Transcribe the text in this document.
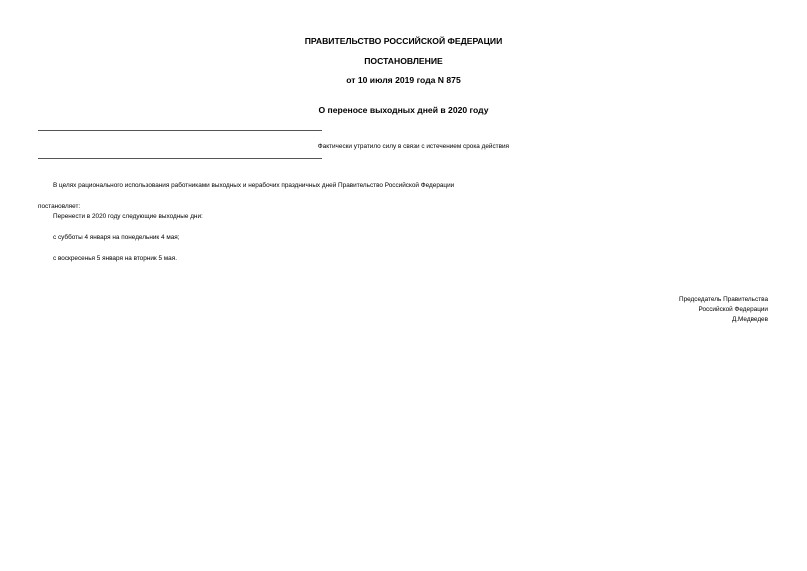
ПРАВИТЕЛЬСТВО РОССИЙСКОЙ ФЕДЕРАЦИИ
ПОСТАНОВЛЕНИЕ
от 10 июля 2019 года N 875
О переносе выходных дней в 2020 году
Фактически утратило силу в связи с истечением срока действия
В целях рационального использования работниками выходных и нерабочих праздничных дней Правительство Российской Федерации
постановляет:
Перенести в 2020 году следующие выходные дни:
с субботы 4 января на понедельник 4 мая;
с воскресенья 5 января на вторник 5 мая.
Председатель Правительства
Российской Федерации
Д.Медведев
